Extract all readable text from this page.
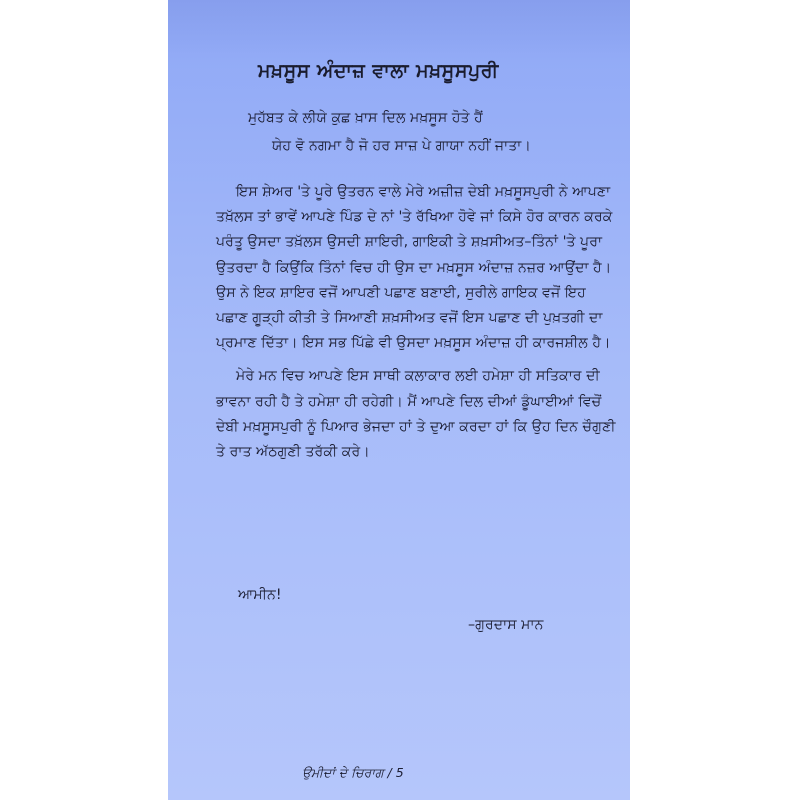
ਮਖ਼ਸੂਸ ਅੰਦਾਜ਼ ਵਾਲਾ ਮਖ਼ਸੂਸਪੁਰੀ
ਮੁਹੱਬਤ ਕੇ ਲੀਯੇ ਕੁਛ ਖ਼ਾਸ ਦਿਲ ਮਖ਼ਸੂਸ ਹੋਤੇ ਹੈਂ
ਯੇਹ ਵੋ ਨਗਮਾ ਹੈ ਜੋ ਹਰ ਸਾਜ਼ ਪੇ ਗਾਯਾ ਨਹੀਂ ਜਾਤਾ।

ਇਸ ਸ਼ੇਅਰ 'ਤੇ ਪੂਰੇ ਉਤਰਨ ਵਾਲੇ ਮੇਰੇ ਅਜ਼ੀਜ਼ ਦੇਬੀ ਮਖ਼ਸੂਸਪੁਰੀ ਨੇ ਆਪਣਾ ਤਖ਼ੱਲਸ ਤਾਂ ਭਾਵੇਂ ਆਪਣੇ ਪਿੰਡ ਦੇ ਨਾਂ 'ਤੇ ਰੱਖਿਆ ਹੋਵੇ ਜਾਂ ਕਿਸੇ ਹੋਰ ਕਾਰਨ ਕਰਕੇ ਪਰੰਤੂ ਉਸਦਾ ਤਖ਼ੱਲਸ ਉਸਦੀ ਸ਼ਾਇਰੀ, ਗਾਇਕੀ ਤੇ ਸ਼ਖ਼ਸੀਅਤ–ਤਿੰਨਾਂ 'ਤੇ ਪੂਰਾ ਉਤਰਦਾ ਹੈ ਕਿਉਂਕਿ ਤਿੰਨਾਂ ਵਿਚ ਹੀ ਉਸ ਦਾ ਮਖ਼ਸੂਸ ਅੰਦਾਜ਼ ਨਜ਼ਰ ਆਉਂਦਾ ਹੈ। ਉਸ ਨੇ ਇਕ ਸ਼ਾਇਰ ਵਜੋਂ ਆਪਣੀ ਪਛਾਣ ਬਣਾਈ, ਸੁਰੀਲੇ ਗਾਇਕ ਵਜੋਂ ਇਹ ਪਛਾਣ ਗੂੜ੍ਹੀ ਕੀਤੀ ਤੇ ਸਿਆਣੀ ਸ਼ਖ਼ਸੀਅਤ ਵਜੋਂ ਇਸ ਪਛਾਣ ਦੀ ਪੁਖ਼ਤਗੀ ਦਾ ਪ੍ਰਮਾਣ ਦਿੱਤਾ। ਇਸ ਸਭ ਪਿੱਛੇ ਵੀ ਉਸਦਾ ਮਖ਼ਸੂਸ ਅੰਦਾਜ਼ ਹੀ ਕਾਰਜਸ਼ੀਲ ਹੈ।

ਮੇਰੇ ਮਨ ਵਿਚ ਆਪਣੇ ਇਸ ਸਾਥੀ ਕਲਾਕਾਰ ਲਈ ਹਮੇਸ਼ਾ ਹੀ ਸਤਿਕਾਰ ਦੀ ਭਾਵਨਾ ਰਹੀ ਹੈ ਤੇ ਹਮੇਸ਼ਾ ਹੀ ਰਹੇਗੀ। ਮੈਂ ਆਪਣੇ ਦਿਲ ਦੀਆਂ ਡੂੰਘਾਈਆਂ ਵਿਚੋਂ ਦੇਬੀ ਮਖ਼ਸੂਸਪੁਰੀ ਨੂੰ ਪਿਆਰ ਭੇਜਦਾ ਹਾਂ ਤੇ ਦੁਆ ਕਰਦਾ ਹਾਂ ਕਿ ਉਹ ਦਿਨ ਚੌਗੁਣੀ ਤੇ ਰਾਤ ਅੱਠਗੁਣੀ ਤਰੱਕੀ ਕਰੇ।

ਆਮੀਨ!
–ਗੁਰਦਾਸ ਮਾਨ
ਉਮੀਦਾਂ ਦੇ ਚਿਰਾਗ / 5
